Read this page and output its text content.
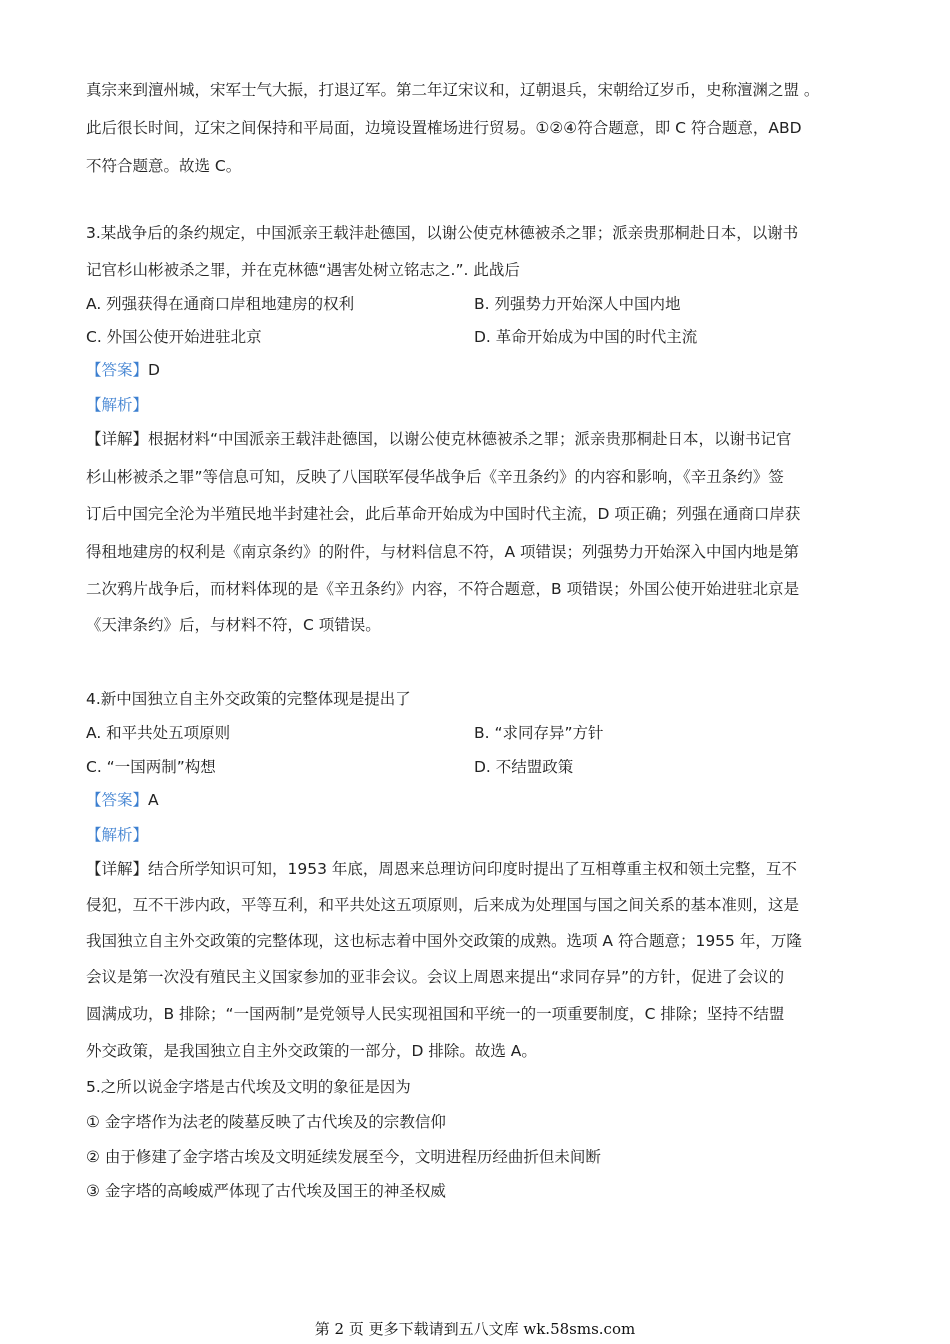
真宗来到澶州城，宋军士气大振，打退辽军。第二年辽宋议和，辽朝退兵，宋朝给辽岁币，史称澶渊之盟 。
此后很长时间，辽宋之间保持和平局面，边境设置榷场进行贸易。①②④符合题意，即 C 符合题意，ABD
不符合题意。故选 C。
3.某战争后的条约规定，中国派亲王载沣赴德国，以谢公使克林德被杀之罪；派亲贵那桐赴日本，以谢书
记官杉山彬被杀之罪，并在克林德“遇害处树立铭志之.”. 此战后
A. 列强获得在通商口岸租地建房的权利	B. 列强势力开始深人中国内地
C. 外国公使开始进驻北京	D. 革命开始成为中国的时代主流
【答案】D
【解析】
【详解】根据材料“中国派亲王载沣赴德国，以谢公使克林德被杀之罪；派亲贵那桐赴日本，以谢书记官
杉山彬被杀之罪”等信息可知，反映了八国联军侵华战争后《辛丑条约》的内容和影响，《辛丑条约》签
订后中国完全沦为半殖民地半封建社会，此后革命开始成为中国时代主流，D 项正确；列强在通商口岸获
得租地建房的权利是《南京条约》的附件，与材料信息不符，A 项错误；列强势力开始深入中国内地是第
二次鸦片战争后，而材料体现的是《辛丑条约》内容，不符合题意，B 项错误；外国公使开始进驻北京是
《天津条约》后，与材料不符，C 项错误。
4.新中国独立自主外交政策的完整体现是提出了
A. 和平共处五项原则	B. “求同存异”方针
C. “一国两制”构想	D. 不结盟政策
【答案】A
【解析】
【详解】结合所学知识可知，1953 年底，周恩来总理访问印度时提出了互相尊重主权和领土完整，互不
侵犯，互不干涉内政，平等互利，和平共处这五项原则，后来成为处理国与国之间关系的基本准则，这是
我国独立自主外交政策的完整体现，这也标志着中国外交政策的成熟。选项 A 符合题意；1955 年，万隆
会议是第一次没有殖民主义国家参加的亚非会议。会议上周恩来提出“求同存异”的方针，促进了会议的
圆满成功，B 排除；“一国两制”是党领导人民实现祖国和平统一的一项重要制度，C 排除；坚持不结盟
外交政策，是我国独立自主外交政策的一部分，D 排除。故选 A。
5.之所以说金字塔是古代埃及文明的象征是因为
① 金字塔作为法老的陵墓反映了古代埃及的宗教信仰
② 由于修建了金字塔古埃及文明延续发展至今，文明进程历经曲折但未间断
③ 金字塔的高峻威严体现了古代埃及国王的神圣权威
第 2 页 更多下载请到五八文库 wk.58sms.com
